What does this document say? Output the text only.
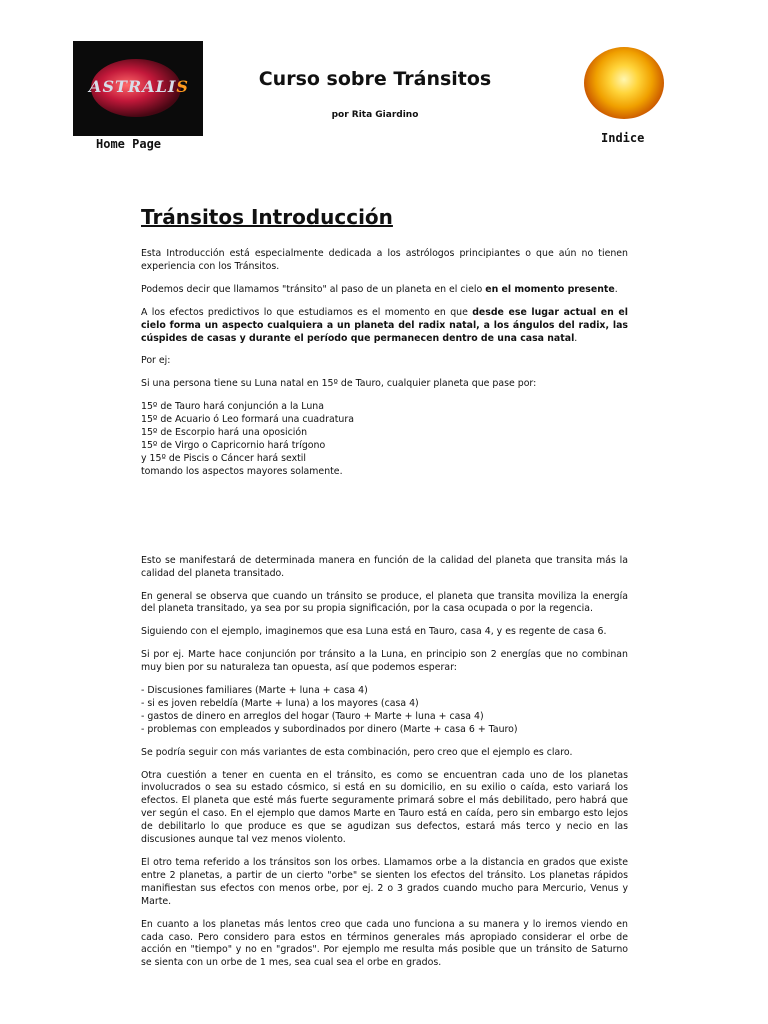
ASTRALIS
Home Page
Curso sobre Tránsitos
por Rita Giardino
Indice
Tránsitos Introducción

Esta Introducción está especialmente dedicada a los astrólogos principiantes o que aún no tienen experiencia con los Tránsitos.

Podemos decir que llamamos "tránsito" al paso de un planeta en el cielo en el momento presente.

A los efectos predictivos lo que estudiamos es el momento en que desde ese lugar actual en el cielo forma un aspecto cualquiera a un planeta del radix natal, a los ángulos del radix, las cúspides de casas y durante el período que permanecen dentro de una casa natal.

Por ej:

Si una persona tiene su Luna natal en 15º de Tauro, cualquier planeta que pase por:

15º de Tauro hará conjunción a la Luna
15º de Acuario ó Leo formará una cuadratura
15º de Escorpio hará una oposición
15º de Virgo o Capricornio hará trígono
y 15º de Piscis o Cáncer hará sextil
tomando los aspectos mayores solamente.

Esto se manifestará de determinada manera en función de la calidad del planeta que transita más la calidad del planeta transitado.

En general se observa que cuando un tránsito se produce, el planeta que transita moviliza la energía del planeta transitado, ya sea por su propia significación, por la casa ocupada o por la regencia.

Siguiendo con el ejemplo, imaginemos que esa Luna está en Tauro, casa 4, y es regente de casa 6.

Si por ej. Marte hace conjunción por tránsito a la Luna, en principio son 2 energías que no combinan muy bien por su naturaleza tan opuesta, así que podemos esperar:

- Discusiones familiares (Marte + luna + casa 4)
- si es joven rebeldía (Marte + luna) a los mayores (casa 4)
- gastos de dinero en arreglos del hogar (Tauro + Marte + luna + casa 4)
- problemas con empleados y subordinados por dinero (Marte + casa 6 + Tauro)

Se podría seguir con más variantes de esta combinación, pero creo que el ejemplo es claro.

Otra cuestión a tener en cuenta en el tránsito, es como se encuentran cada uno de los planetas involucrados o sea su estado cósmico, si está en su domicilio, en su exilio o caída, esto variará los efectos. El planeta que esté más fuerte seguramente primará sobre el más debilitado, pero habrá que ver según el caso. En el ejemplo que damos Marte en Tauro está en caída, pero sin embargo esto lejos de debilitarlo lo que produce es que se agudizan sus defectos, estará más terco y necio en las discusiones aunque tal vez menos violento.

El otro tema referido a los tránsitos son los orbes. Llamamos orbe a la distancia en grados que existe entre 2 planetas, a partir de un cierto "orbe" se sienten los efectos del tránsito. Los planetas rápidos manifiestan sus efectos con menos orbe, por ej. 2 o 3 grados cuando mucho para Mercurio, Venus y Marte.

En cuanto a los planetas más lentos creo que cada uno funciona a su manera y lo iremos viendo en cada caso. Pero considero para estos en términos generales más apropiado considerar el orbe de acción en "tiempo" y no en "grados". Por ejemplo me resulta más posible que un tránsito de Saturno se sienta con un orbe de 1 mes, sea cual sea el orbe en grados.
